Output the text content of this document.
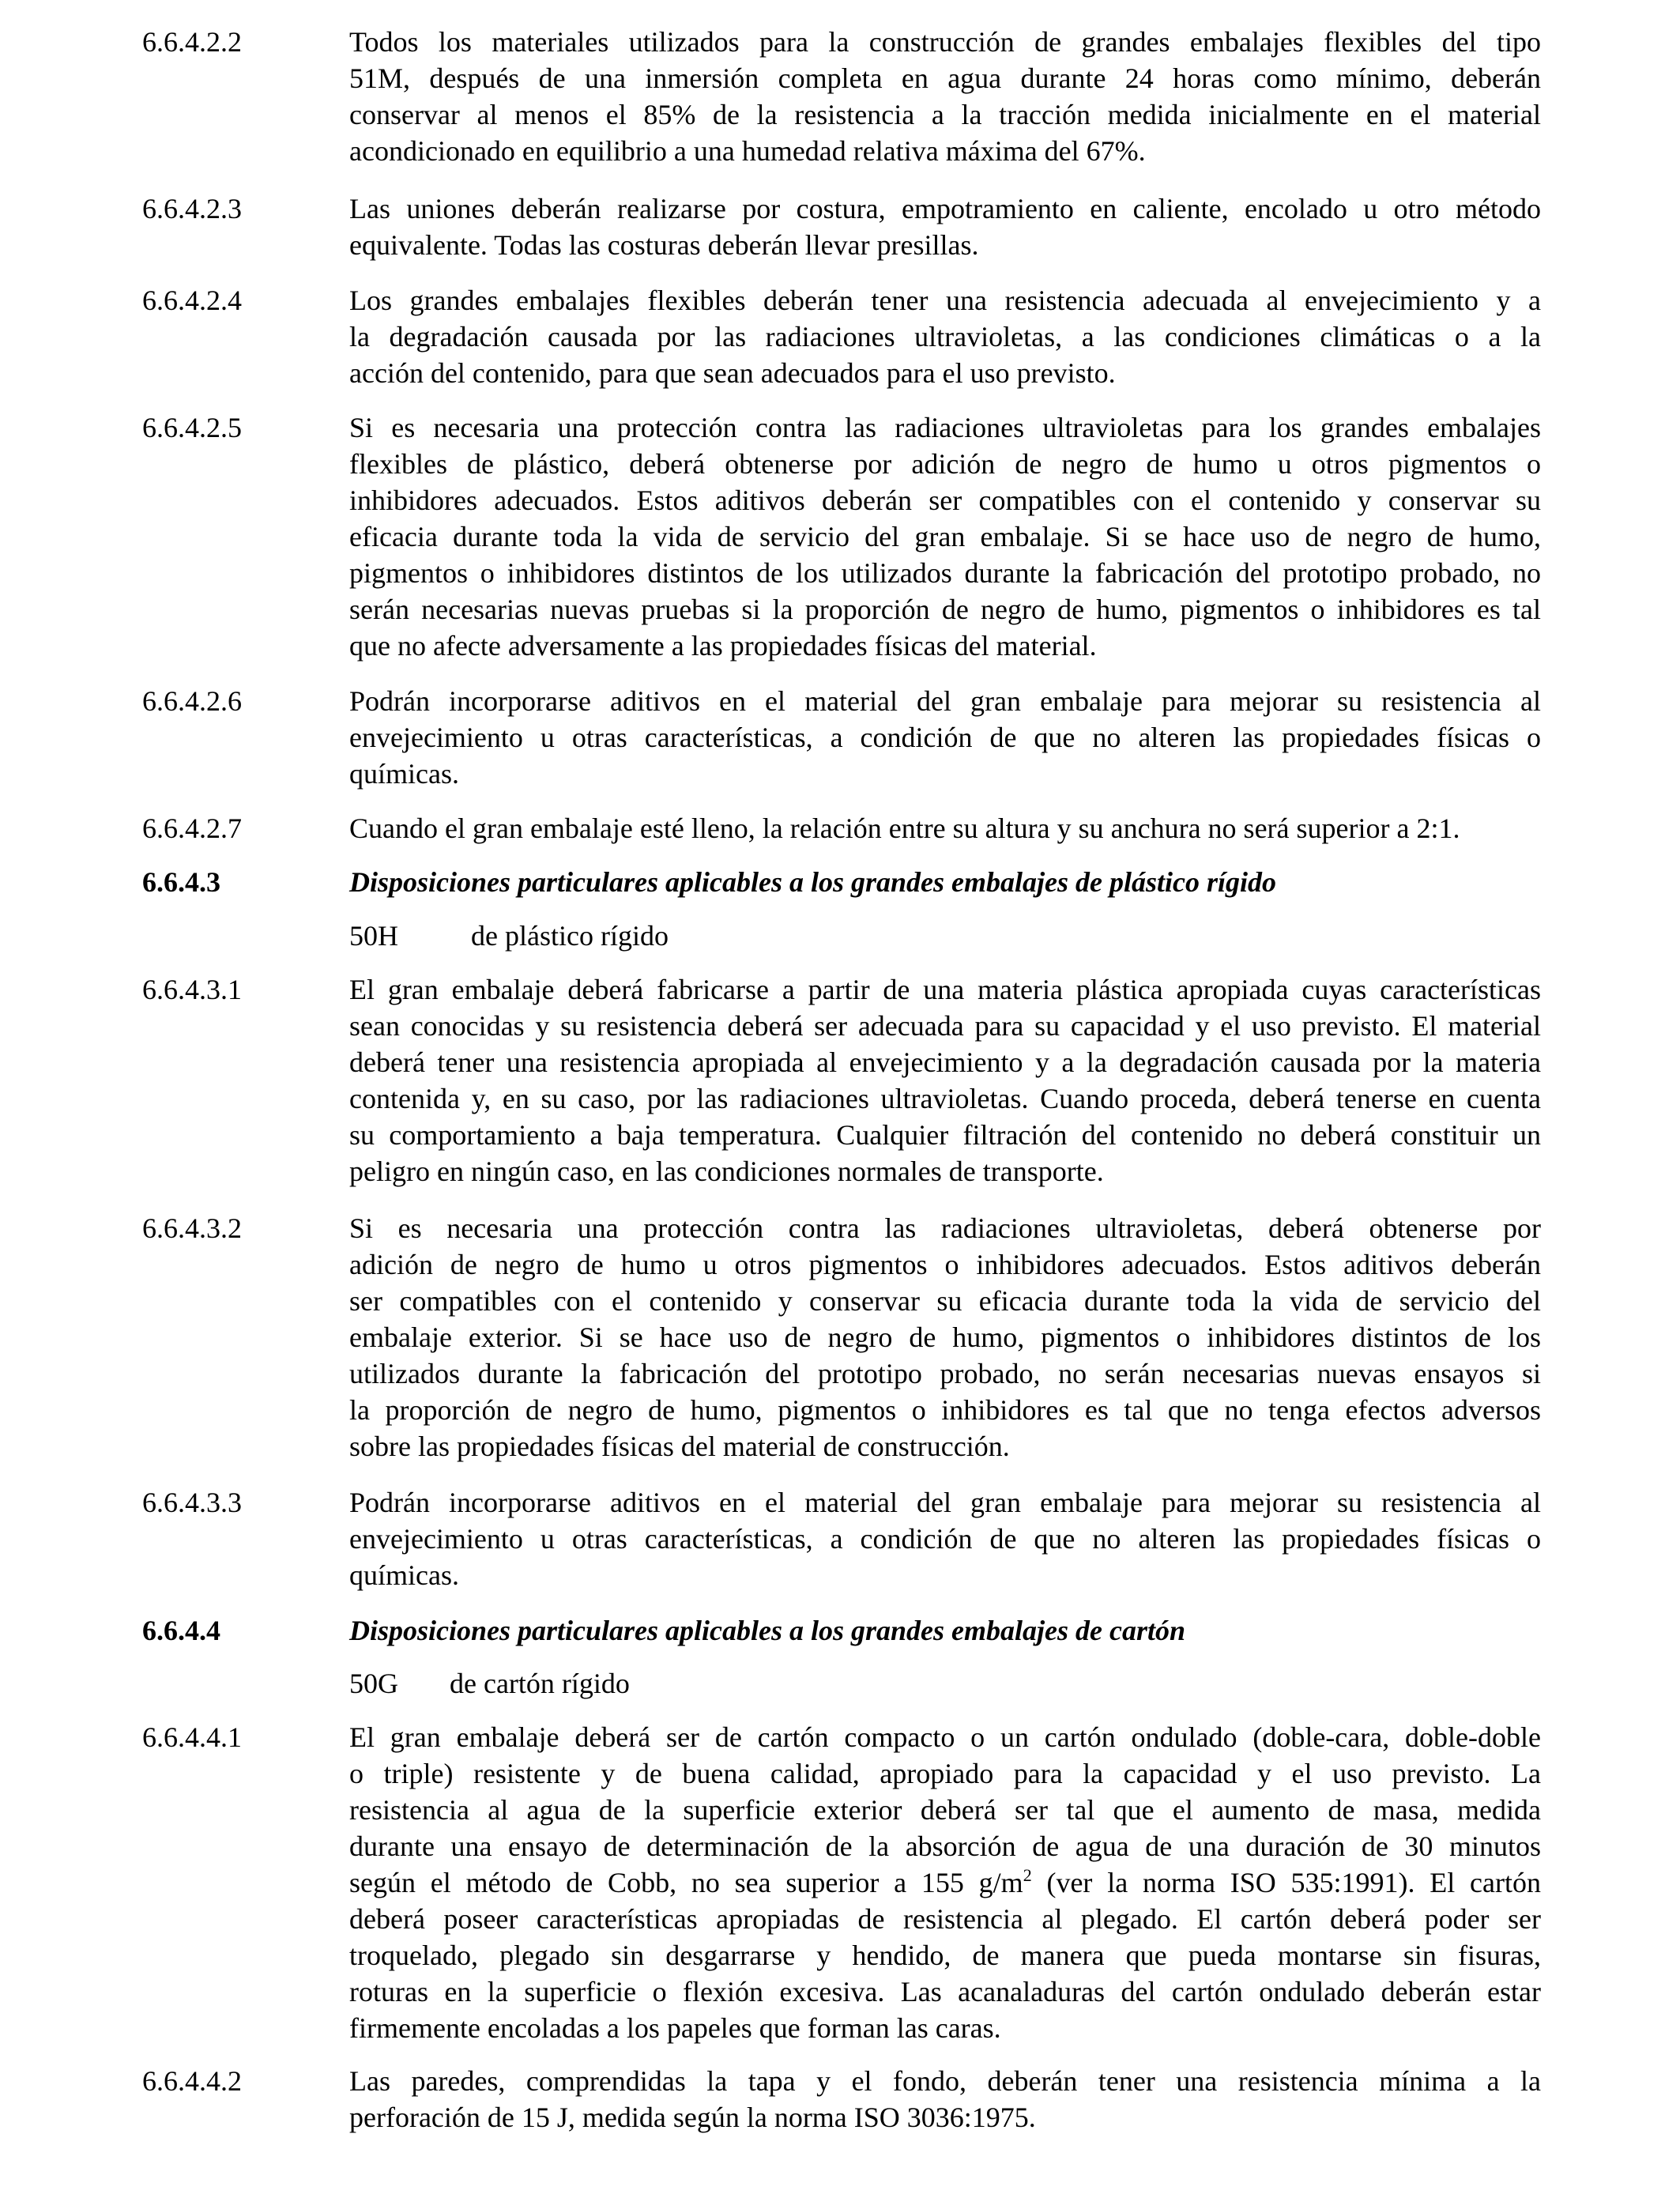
6.6.4.2.2	Todos los materiales utilizados para la construcción de grandes embalajes flexibles del tipo
51M, después de una inmersión completa en agua durante 24 horas como mínimo, deberán
conservar al menos el 85% de la resistencia a la tracción medida inicialmente en el material
acondicionado en equilibrio a una humedad relativa máxima del 67%.
6.6.4.2.3	Las uniones deberán realizarse por costura, empotramiento en caliente, encolado u otro método
equivalente. Todas las costuras deberán llevar presillas.
6.6.4.2.4	Los grandes embalajes flexibles deberán tener una resistencia adecuada al envejecimiento y a
la degradación causada por las radiaciones ultravioletas, a las condiciones climáticas o a la
acción del contenido, para que sean adecuados para el uso previsto.
6.6.4.2.5	Si es necesaria una protección contra las radiaciones ultravioletas para los grandes embalajes
flexibles de plástico, deberá obtenerse por adición de negro de humo u otros pigmentos o
inhibidores adecuados. Estos aditivos deberán ser compatibles con el contenido y conservar su
eficacia durante toda la vida de servicio del gran embalaje. Si se hace uso de negro de humo,
pigmentos o inhibidores distintos de los utilizados durante la fabricación del prototipo probado, no
serán necesarias nuevas pruebas si la proporción de negro de humo, pigmentos o inhibidores es tal
que no afecte adversamente a las propiedades físicas del material.
6.6.4.2.6	Podrán incorporarse aditivos en el material del gran embalaje para mejorar su resistencia al
envejecimiento u otras características, a condición de que no alteren las propiedades físicas o
químicas.
6.6.4.2.7	Cuando el gran embalaje esté lleno, la relación entre su altura y su anchura no será superior a 2:1.
6.6.4.3	Disposiciones particulares aplicables a los grandes embalajes de plástico rígido
50H	de plástico rígido
6.6.4.3.1	El gran embalaje deberá fabricarse a partir de una materia plástica apropiada cuyas características
sean conocidas y su resistencia deberá ser adecuada para su capacidad y el uso previsto. El material
deberá tener una resistencia apropiada al envejecimiento y a la degradación causada por la materia
contenida y, en su caso, por las radiaciones ultravioletas. Cuando proceda, deberá tenerse en cuenta
su comportamiento a baja temperatura. Cualquier filtración del contenido no deberá constituir un
peligro en ningún caso, en las condiciones normales de transporte.
6.6.4.3.2	Si es necesaria una protección contra las radiaciones ultravioletas, deberá obtenerse por
adición de negro de humo u otros pigmentos o inhibidores adecuados. Estos aditivos deberán
ser compatibles con el contenido y conservar su eficacia durante toda la vida de servicio del
embalaje exterior. Si se hace uso de negro de humo, pigmentos o inhibidores distintos de los
utilizados durante la fabricación del prototipo probado, no serán necesarias nuevas ensayos si
la proporción de negro de humo, pigmentos o inhibidores es tal que no tenga efectos adversos
sobre las propiedades físicas del material de construcción.
6.6.4.3.3	Podrán incorporarse aditivos en el material del gran embalaje para mejorar su resistencia al
envejecimiento u otras características, a condición de que no alteren las propiedades físicas o
químicas.
6.6.4.4	Disposiciones particulares aplicables a los grandes embalajes de cartón
50G de cartón rígido
6.6.4.4.1	El gran embalaje deberá ser de cartón compacto o un cartón ondulado (doble-cara, doble-doble
o triple) resistente y de buena calidad, apropiado para la capacidad y el uso previsto. La
resistencia al agua de la superficie exterior deberá ser tal que el aumento de masa, medida
durante una ensayo de determinación de la absorción de agua de una duración de 30 minutos
según el método de Cobb, no sea superior a 155 $g/m^2$ (ver la norma ISO 535:1991). El cartón
deberá poseer características apropiadas de resistencia al plegado. El cartón deberá poder ser
troquelado, plegado sin desgarrarse y hendido, de manera que pueda montarse sin fisuras,
roturas en la superficie o flexión excesiva. Las acanaladuras del cartón ondulado deberán estar
firmemente encoladas a los papeles que forman las caras.
6.6.4.4.2	Las paredes, comprendidas la tapa y el fondo, deberán tener una resistencia mínima a la
perforación de 15 J, medida según la norma ISO 3036:1975.
